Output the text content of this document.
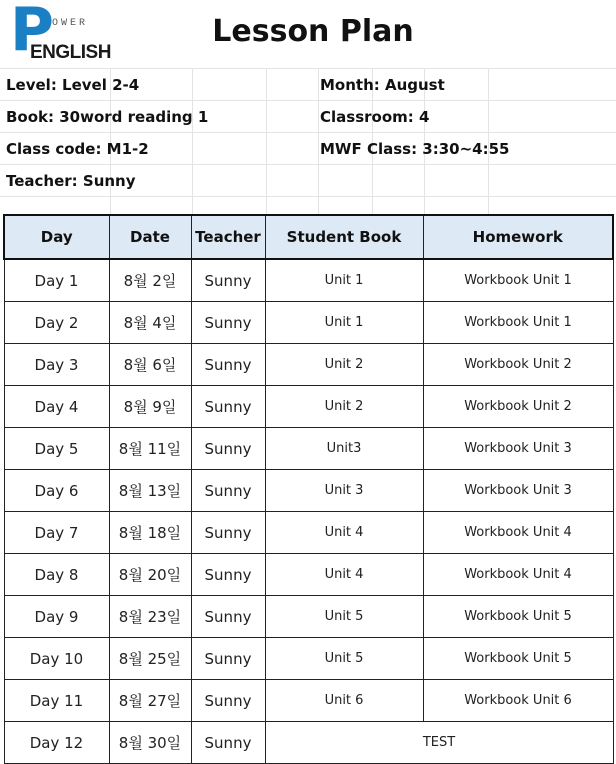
P
OWER
ENGLISH
Lesson Plan
Level: Level 2-4	Month: August
Book: 30word reading 1	Classroom: 4
Class code: M1-2	MWF Class: 3:30~4:55
Teacher: Sunny
Day	Date	Teacher	Student Book	Homework
Day 1	8월 2일	Sunny	Unit 1	Workbook Unit 1
Day 2	8월 4일	Sunny	Unit 1	Workbook Unit 1
Day 3	8월 6일	Sunny	Unit 2	Workbook Unit 2
Day 4	8월 9일	Sunny	Unit 2	Workbook Unit 2
Day 5	8월 11일	Sunny	Unit3	Workbook Unit 3
Day 6	8월 13일	Sunny	Unit 3	Workbook Unit 3
Day 7	8월 18일	Sunny	Unit 4	Workbook Unit 4
Day 8	8월 20일	Sunny	Unit 4	Workbook Unit 4
Day 9	8월 23일	Sunny	Unit 5	Workbook Unit 5
Day 10	8월 25일	Sunny	Unit 5	Workbook Unit 5
Day 11	8월 27일	Sunny	Unit 6	Workbook Unit 6
Day 12	8월 30일	Sunny	TEST	
